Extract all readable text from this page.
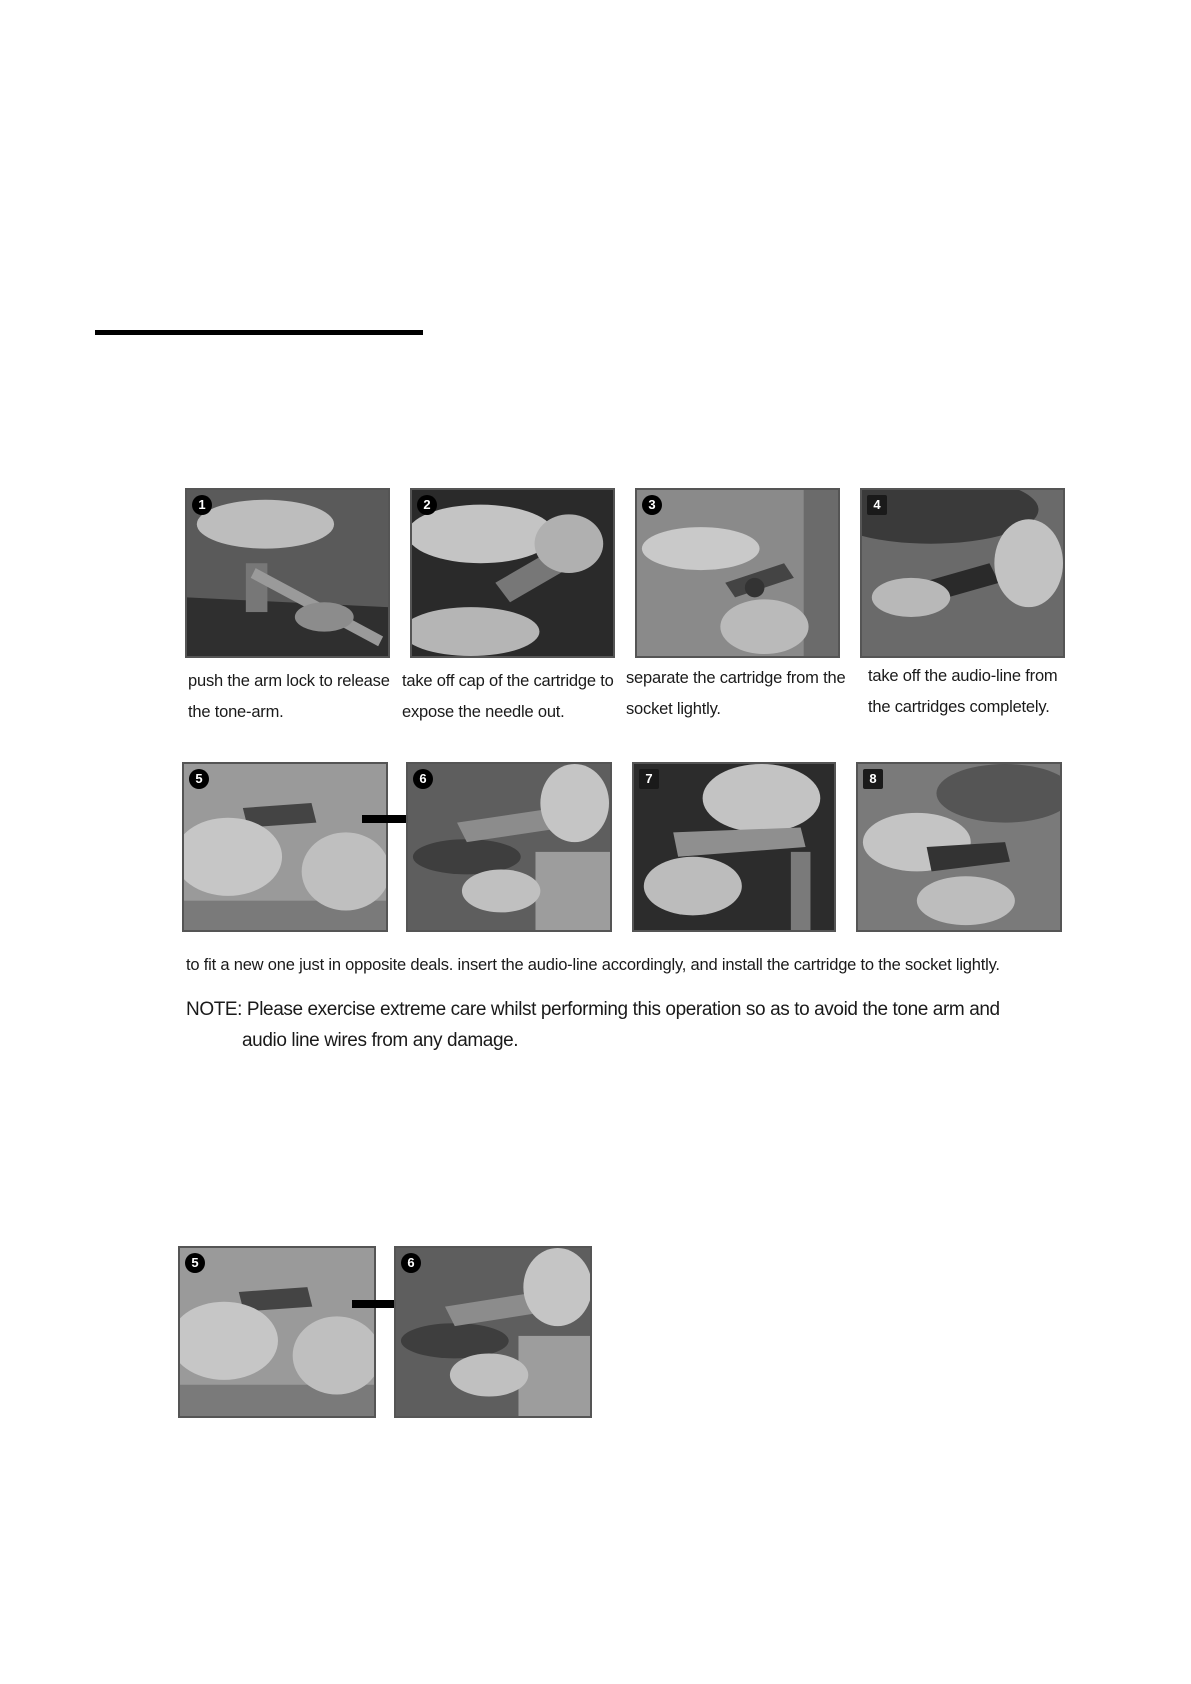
1	2	3	4
push the arm lock to release
the tone-arm.
take off cap of the cartridge to
expose the needle out.
separate the cartridge from the
socket lightly.
take off the audio-line from
the cartridges completely.
5	6	7	8
to fit a new one just in opposite deals. insert the audio-line accordingly, and install the cartridge to the socket lightly.
NOTE: Please exercise extreme care whilst performing this operation so as to avoid the tone arm and
audio line wires from any damage.
5	6
